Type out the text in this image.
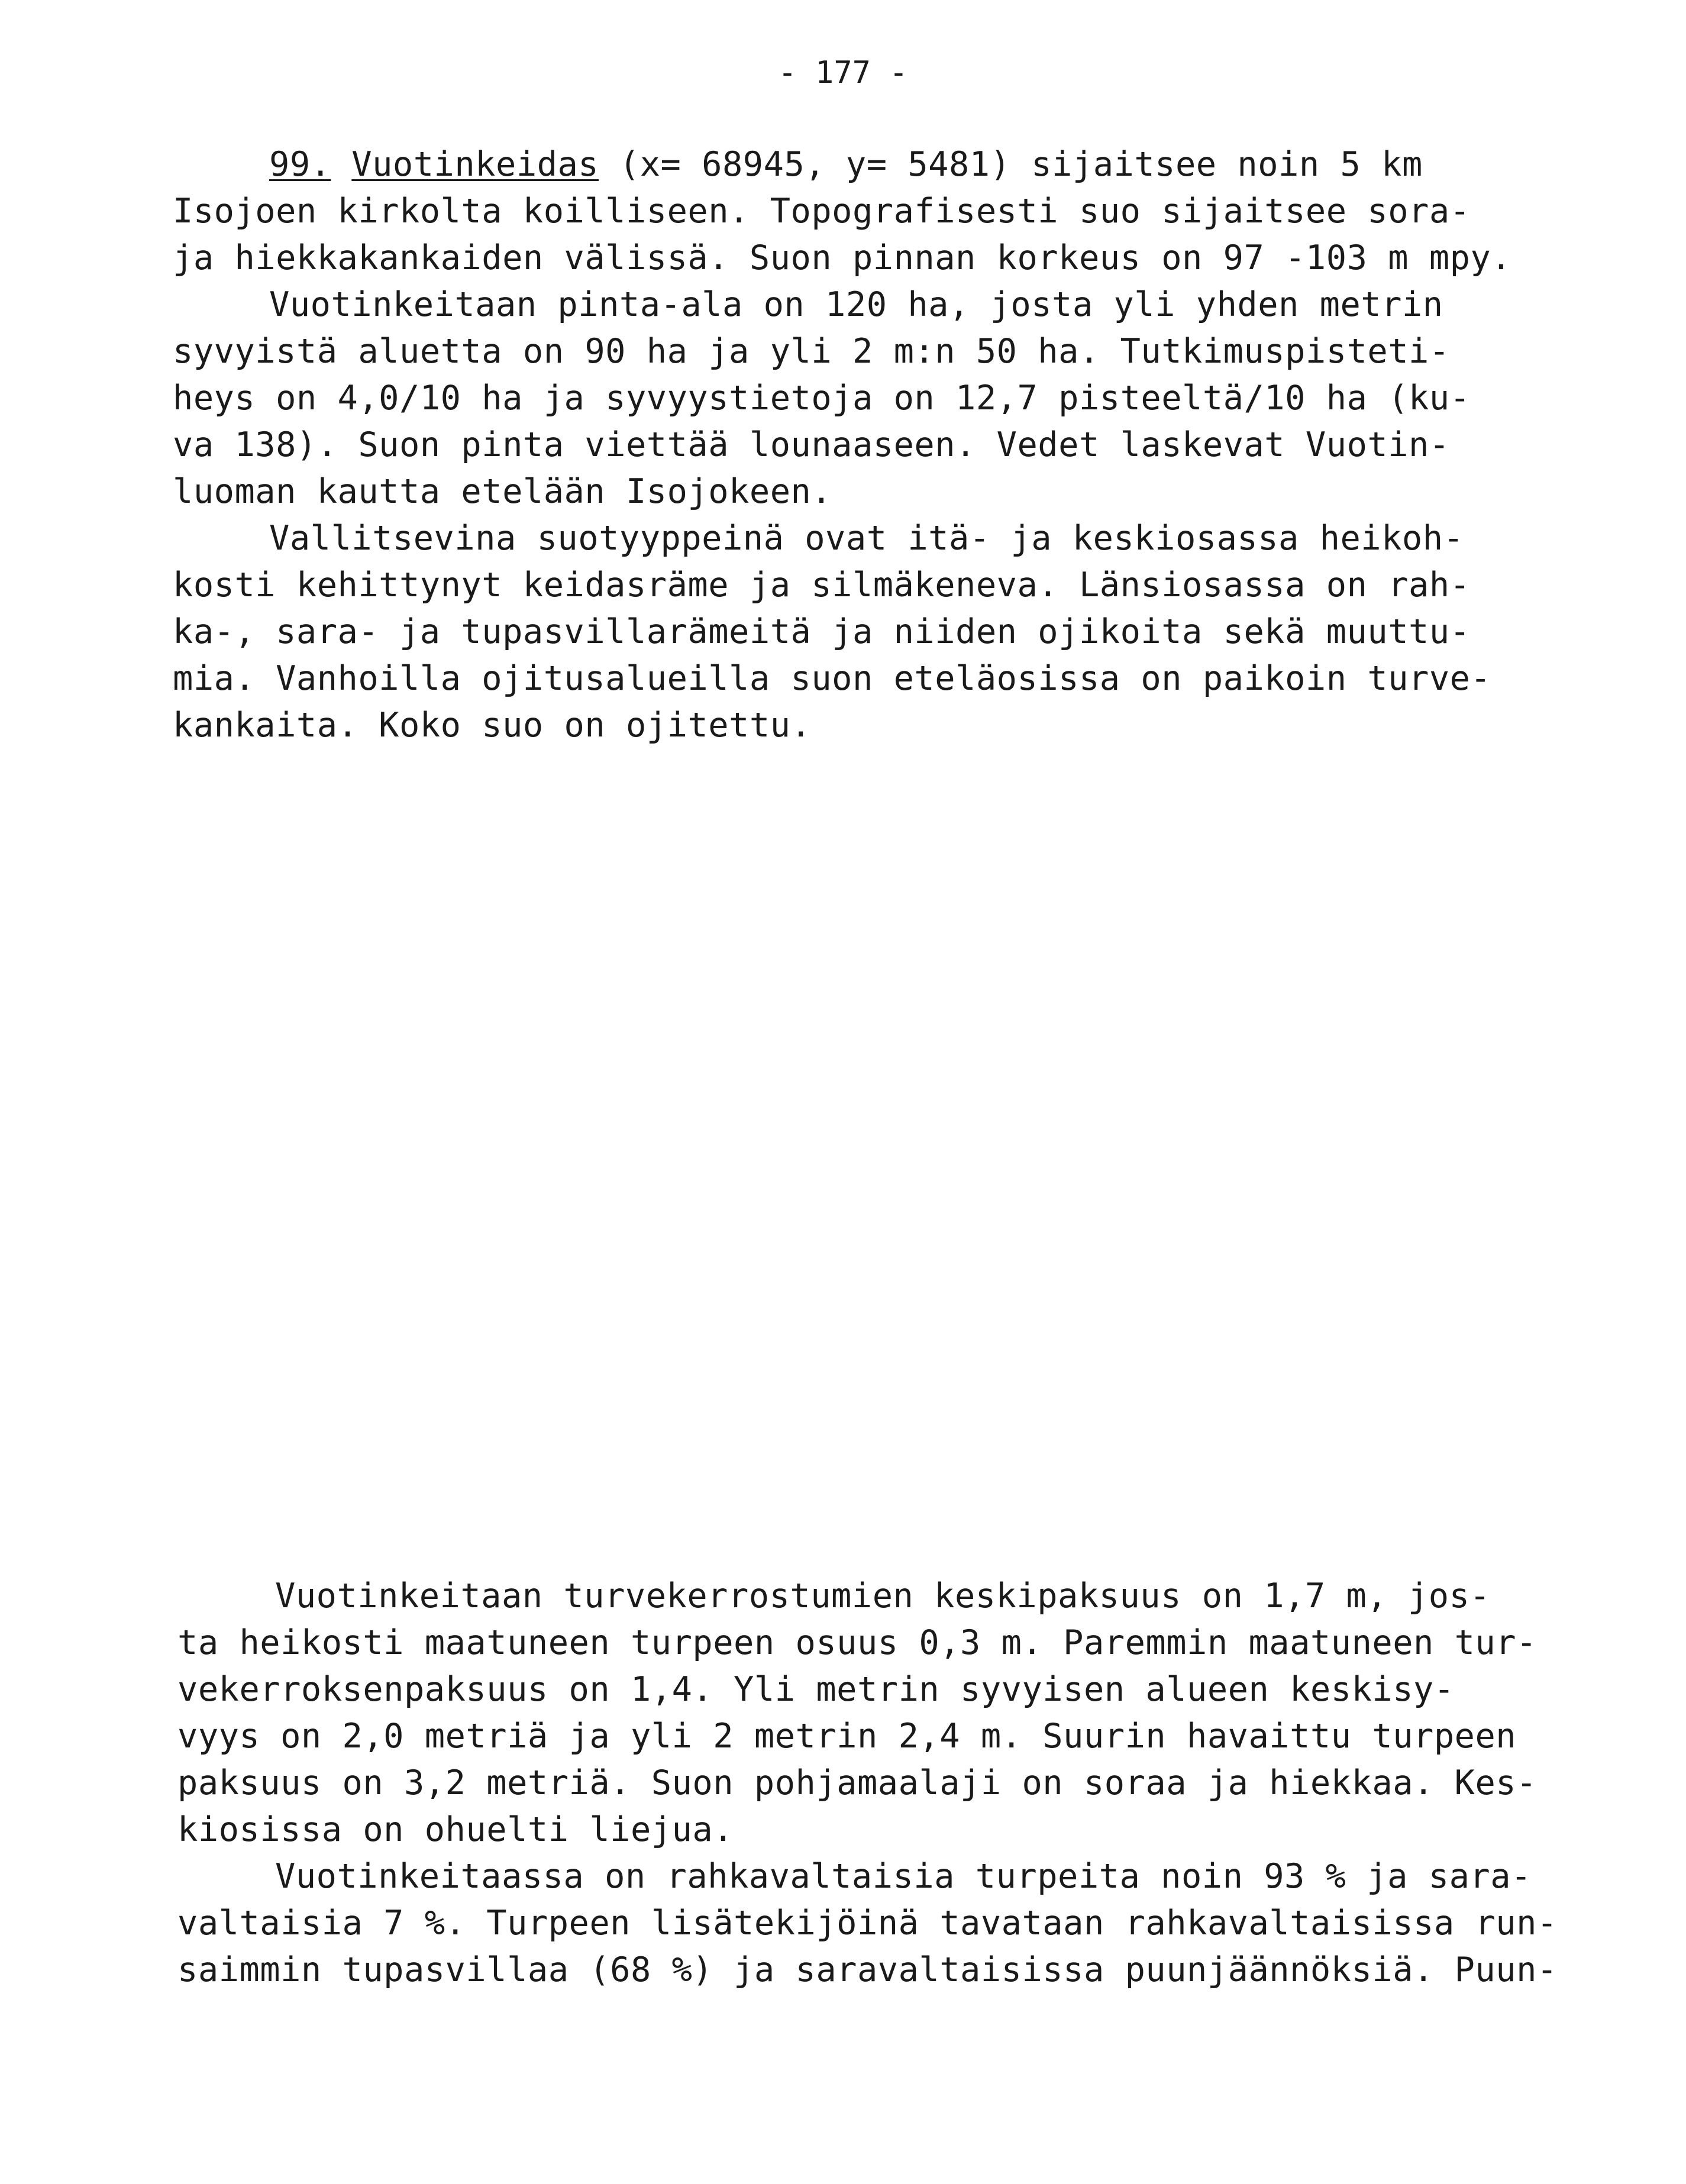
- 177 -
99. Vuotinkeidas (x= 68945, y= 5481) sijaitsee noin 5 km
Isojoen kirkolta koilliseen. Topografisesti suo sijaitsee sora-
ja hiekkakankaiden välissä. Suon pinnan korkeus on 97 -103 m mpy.
Vuotinkeitaan pinta-ala on 120 ha, josta yli yhden metrin
syvyistä aluetta on 90 ha ja yli 2 m:n 50 ha. Tutkimuspisteti-
heys on 4,0/10 ha ja syvyystietoja on 12,7 pisteeltä/10 ha (ku-
va 138). Suon pinta viettää lounaaseen. Vedet laskevat Vuotin-
luoman kautta etelään Isojokeen.
Vallitsevina suotyyppeinä ovat itä- ja keskiosassa heikoh-
kosti kehittynyt keidasräme ja silmäkeneva. Länsiosassa on rah-
ka-, sara- ja tupasvillarämeitä ja niiden ojikoita sekä muuttu-
mia. Vanhoilla ojitusalueilla suon eteläosissa on paikoin turve-
kankaita. Koko suo on ojitettu.
Vuotinkeitaan turvekerrostumien keskipaksuus on 1,7 m, jos-
ta heikosti maatuneen turpeen osuus 0,3 m. Paremmin maatuneen tur-
vekerroksenpaksuus on 1,4. Yli metrin syvyisen alueen keskisy-
vyys on 2,0 metriä ja yli 2 metrin 2,4 m. Suurin havaittu turpeen
paksuus on 3,2 metriä. Suon pohjamaalaji on soraa ja hiekkaa. Kes-
kiosissa on ohuelti liejua.
Vuotinkeitaassa on rahkavaltaisia turpeita noin 93 % ja sara-
valtaisia 7 %. Turpeen lisätekijöinä tavataan rahkavaltaisissa run-
saimmin tupasvillaa (68 %) ja saravaltaisissa puunjäännöksiä. Puun-
